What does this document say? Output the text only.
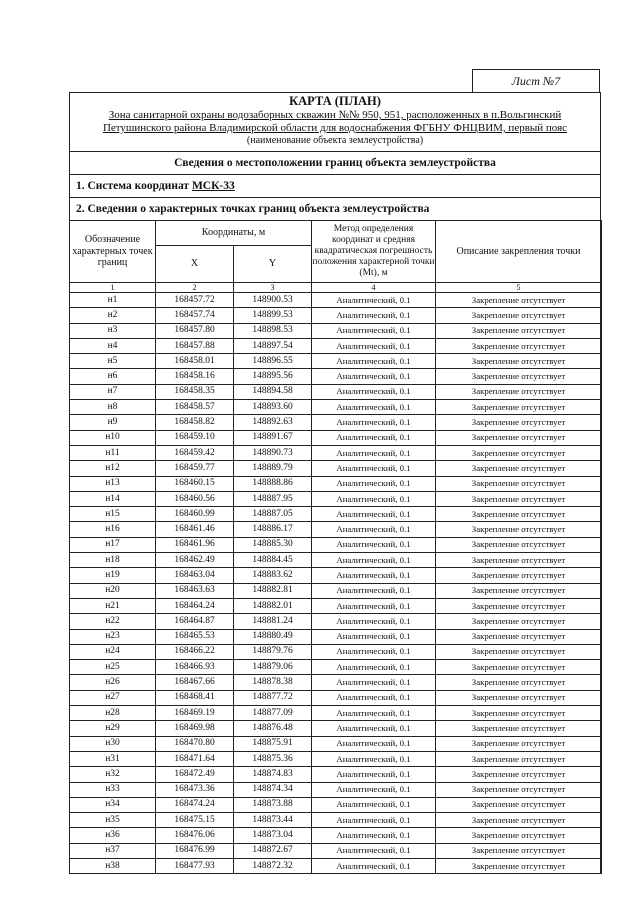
Лист №7
КАРТА (ПЛАН)
Зона санитарной охраны водозаборных скважин №№ 950, 951, расположенных в п.Вольгинский
Петушинского района Владимирской области для водоснабжения ФГБНУ ФНЦВИМ, первый пояс
(наименование объекта землеустройства)
Сведения о местоположении границ объекта землеустройства
1. Система координат МСК-33
2. Сведения о характерных точках границ объекта землеустройства
Обозначение характерных точек границ	Координаты, м		Метод определения координат и средняя квадратическая погрешность положения характерной точки (Mt), м	Описание закрепления точки
	X	Y		
1	2	3	4	5
н1	168457.72	148900.53	Аналитический, 0.1	Закрепление отсутствует
н2	168457.74	148899.53	Аналитический, 0.1	Закрепление отсутствует
н3	168457.80	148898.53	Аналитический, 0.1	Закрепление отсутствует
н4	168457.88	148897.54	Аналитический, 0.1	Закрепление отсутствует
н5	168458.01	148896.55	Аналитический, 0.1	Закрепление отсутствует
н6	168458.16	148895.56	Аналитический, 0.1	Закрепление отсутствует
н7	168458.35	148894.58	Аналитический, 0.1	Закрепление отсутствует
н8	168458.57	148893.60	Аналитический, 0.1	Закрепление отсутствует
н9	168458.82	148892.63	Аналитический, 0.1	Закрепление отсутствует
н10	168459.10	148891.67	Аналитический, 0.1	Закрепление отсутствует
н11	168459.42	148890.73	Аналитический, 0.1	Закрепление отсутствует
н12	168459.77	148889.79	Аналитический, 0.1	Закрепление отсутствует
н13	168460.15	148888.86	Аналитический, 0.1	Закрепление отсутствует
н14	168460.56	148887.95	Аналитический, 0.1	Закрепление отсутствует
н15	168460.99	148887.05	Аналитический, 0.1	Закрепление отсутствует
н16	168461.46	148886.17	Аналитический, 0.1	Закрепление отсутствует
н17	168461.96	148885.30	Аналитический, 0.1	Закрепление отсутствует
н18	168462.49	148884.45	Аналитический, 0.1	Закрепление отсутствует
н19	168463.04	148883.62	Аналитический, 0.1	Закрепление отсутствует
н20	168463.63	148882.81	Аналитический, 0.1	Закрепление отсутствует
н21	168464.24	148882.01	Аналитический, 0.1	Закрепление отсутствует
н22	168464.87	148881.24	Аналитический, 0.1	Закрепление отсутствует
н23	168465.53	148880.49	Аналитический, 0.1	Закрепление отсутствует
н24	168466.22	148879.76	Аналитический, 0.1	Закрепление отсутствует
н25	168466.93	148879.06	Аналитический, 0.1	Закрепление отсутствует
н26	168467.66	148878.38	Аналитический, 0.1	Закрепление отсутствует
н27	168468.41	148877.72	Аналитический, 0.1	Закрепление отсутствует
н28	168469.19	148877.09	Аналитический, 0.1	Закрепление отсутствует
н29	168469.98	148876.48	Аналитический, 0.1	Закрепление отсутствует
н30	168470.80	148875.91	Аналитический, 0.1	Закрепление отсутствует
н31	168471.64	148875.36	Аналитический, 0.1	Закрепление отсутствует
н32	168472.49	148874.83	Аналитический, 0.1	Закрепление отсутствует
н33	168473.36	148874.34	Аналитический, 0.1	Закрепление отсутствует
н34	168474.24	148873.88	Аналитический, 0.1	Закрепление отсутствует
н35	168475.15	148873.44	Аналитический, 0.1	Закрепление отсутствует
н36	168476.06	148873.04	Аналитический, 0.1	Закрепление отсутствует
н37	168476.99	148872.67	Аналитический, 0.1	Закрепление отсутствует
н38	168477.93	148872.32	Аналитический, 0.1	Закрепление отсутствует
